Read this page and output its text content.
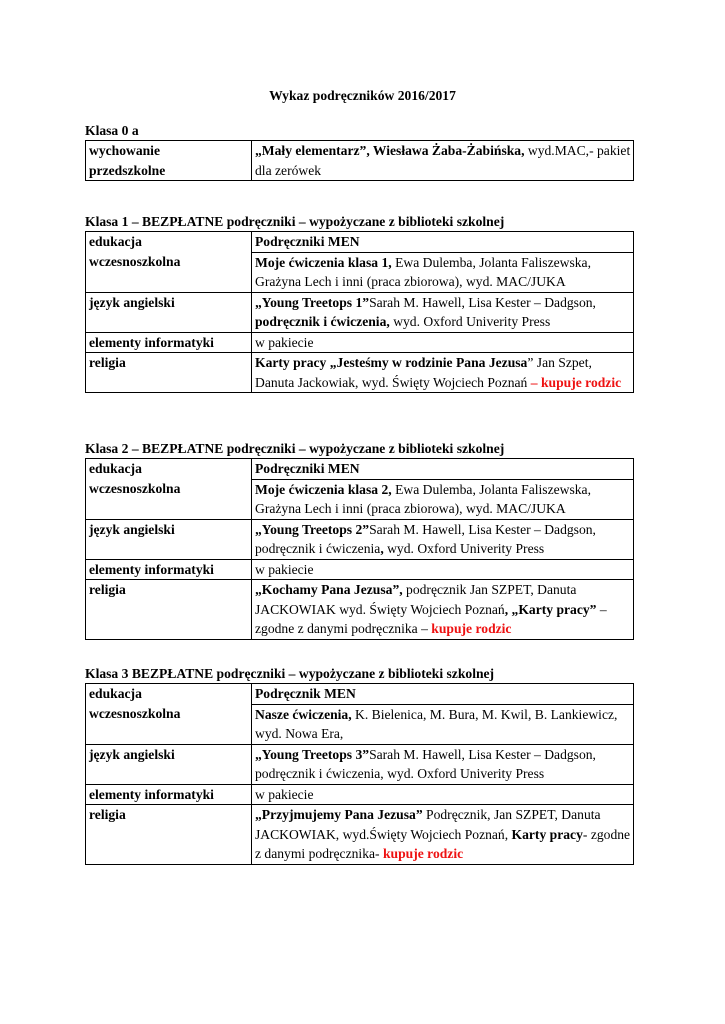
Wykaz podręczników 2016/2017
Klasa 0 a
wychowanie
przedszkolne
	„Mały elementarz”, Wiesława Żaba-Żabińska, wyd.MAC,- pakiet dla zerówek
Klasa 1 – BEZPŁATNE podręczniki – wypożyczane z biblioteki szkolnej
edukacja
wczesnoszkolna	Podręczniki MEN
	Moje ćwiczenia klasa 1, Ewa Dulemba, Jolanta Faliszewska, Grażyna Lech i inni (praca zbiorowa), wyd. MAC/JUKA
język angielski	„Young Treetops 1”Sarah M. Hawell, Lisa Kester – Dadgson, podręcznik i ćwiczenia, wyd. Oxford Univerity Press
elementy informatyki	w pakiecie
religia	Karty pracy „Jesteśmy w rodzinie Pana Jezusa” Jan Szpet, Danuta Jackowiak, wyd. Święty Wojciech Poznań – kupuje rodzic
Klasa 2 – BEZPŁATNE podręczniki – wypożyczane z biblioteki szkolnej
edukacja
wczesnoszkolna	Podręczniki MEN
	Moje ćwiczenia klasa 2, Ewa Dulemba, Jolanta Faliszewska, Grażyna Lech i inni (praca zbiorowa), wyd. MAC/JUKA
język angielski	„Young Treetops 2”Sarah M. Hawell, Lisa Kester – Dadgson, podręcznik i ćwiczenia, wyd. Oxford Univerity Press
elementy informatyki	w pakiecie
religia	„Kochamy Pana Jezusa”, podręcznik Jan SZPET, Danuta JACKOWIAK wyd. Święty Wojciech Poznań, „Karty pracy” – zgodne z danymi podręcznika – kupuje rodzic
Klasa 3 BEZPŁATNE podręczniki – wypożyczane z biblioteki szkolnej
edukacja
wczesnoszkolna	Podręcznik MEN
	Nasze ćwiczenia, K. Bielenica, M. Bura, M. Kwil, B. Lankiewicz, wyd. Nowa Era,
język angielski	„Young Treetops 3”Sarah M. Hawell, Lisa Kester – Dadgson, podręcznik i ćwiczenia, wyd. Oxford Univerity Press
elementy informatyki	w pakiecie
religia	„Przyjmujemy Pana Jezusa” Podręcznik, Jan SZPET, Danuta JACKOWIAK, wyd.Święty Wojciech Poznań, Karty pracy- zgodne z danymi podręcznika- kupuje rodzic
